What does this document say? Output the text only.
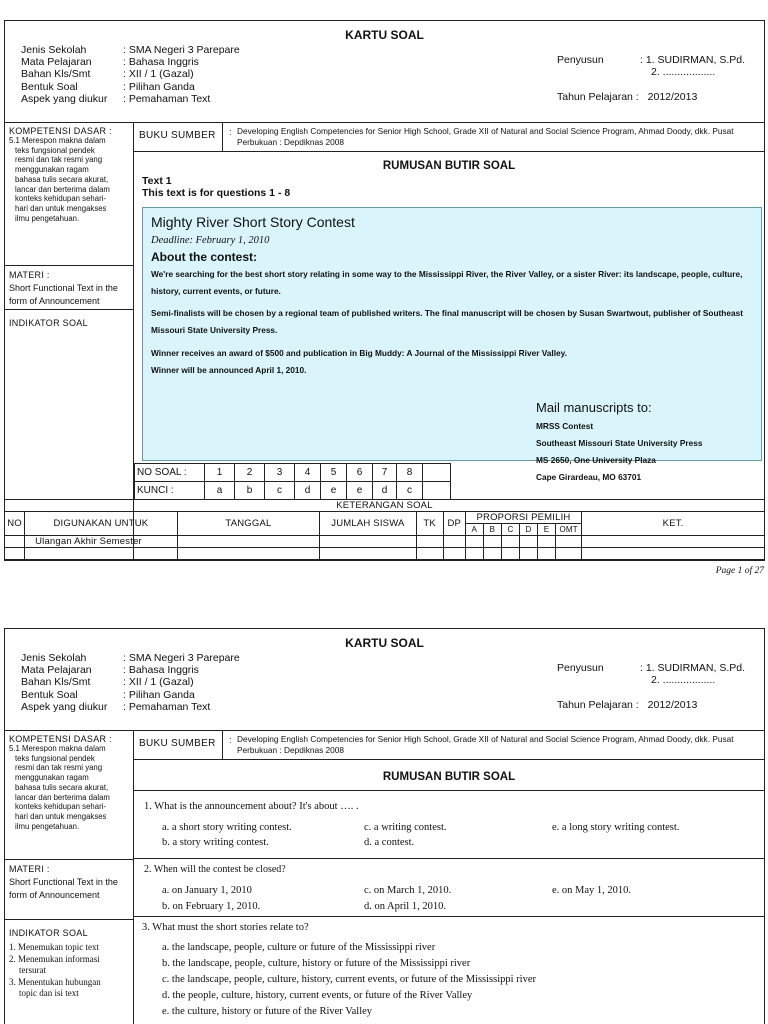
KARTU SOAL
Jenis Sekolah	: SMA Negeri 3 Parepare
Mata Pelajaran	: Bahasa Inggris
Bahan Kls/Smt	: XII / 1 (Gazal)
Bentuk Soal	: Pilihan Ganda
Aspek yang diukur : Pemahaman Text
Penyusun	: 1. SUDIRMAN, S.Pd.
2. ..................
Tahun Pelajaran : 2012/2013
KOMPETENSI DASAR :
5.1 Merespon makna dalam
teks fungsional pendek
resmi dan tak resmi yang
menggunakan ragam
bahasa tulis secara akurat,
lancar dan berterima dalam
konteks kehidupan sehari-
hari dan untuk mengakses
ilmu pengetahuan.
MATERI :
Short Functional Text in the form of Announcement
INDIKATOR SOAL
BUKU SUMBER	: Developing English Competencies for Senior High School, Grade XII of Natural and Social Science Program, Ahmad Doody, dkk. Pusat Perbukuan : Depdiknas 2008
RUMUSAN BUTIR SOAL
Text 1
This text is for questions 1 - 8
Mighty River Short Story Contest
Deadline: February 1, 2010
About the contest:
We're searching for the best short story relating in some way to the Mississippi River, the River Valley, or a sister River: its landscape, people, culture, history, current events, or future.
Semi-finalists will be chosen by a regional team of published writers. The final manuscript will be chosen by Susan Swartwout, publisher of Southeast Missouri State University Press.
Winner receives an award of $500 and publication in Big Muddy: A Journal of the Mississippi River Valley.
Winner will be announced April 1, 2010.
Mail manuscripts to:
MRSS Contest
Southeast Missouri State University Press
MS 2650, One University Plaza
Cape Girardeau, MO 63701
NO SOAL :	1	2	3	4	5	6	7	8	
KUNCI :	a	b	c	d	e	e	d	c	
KETERANGAN SOAL												
NO	DIGUNAKAN UNTUK	TANGGAL	JUMLAH SISWA	TK	DP	PROPORSI PEMILIH						KET.
						A	B	C	D	E	OMT	
	Ulangan Akhir Semester											

Page 1 of 27
KARTU SOAL
Jenis Sekolah	: SMA Negeri 3 Parepare
Mata Pelajaran	: Bahasa Inggris
Bahan Kls/Smt	: XII / 1 (Gazal)
Bentuk Soal	: Pilihan Ganda
Aspek yang diukur : Pemahaman Text
Penyusun	: 1. SUDIRMAN, S.Pd.
2. ..................
Tahun Pelajaran : 2012/2013
KOMPETENSI DASAR :
5.1 Merespon makna dalam
teks fungsional pendek
resmi dan tak resmi yang
menggunakan ragam
bahasa tulis secara akurat,
lancar dan berterima dalam
konteks kehidupan sehari-
hari dan untuk mengakses
ilmu pengetahuan.
MATERI :
Short Functional Text in the form of Announcement
INDIKATOR SOAL
1. Menemukan topic text
2. Menemukan informasi
tersurat
3. Menentukan hubungan
topic dan isi text
BUKU SUMBER	: Developing English Competencies for Senior High School, Grade XII of Natural and Social Science Program, Ahmad Doody, dkk. Pusat Perbukuan : Depdiknas 2008
RUMUSAN BUTIR SOAL
1. What is the announcement about? It's about …. .
a. a short story writing contest.
b. a story writing contest.
c. a writing contest.
d. a contest.
e. a long story writing contest.
2. When will the contest be closed?
a. on January 1, 2010
b. on February 1, 2010.
c. on March 1, 2010.
d. on April 1, 2010.
e. on May 1, 2010.
3. What must the short stories relate to?
a. the landscape, people, culture or future of the Mississippi river
b. the landscape, people, culture, history or future of the Mississippi river
c. the landscape, people, culture, history, current events, or future of the Mississippi river
d. the people, culture, history, current events, or future of the River Valley
e. the culture, history or future of the River Valley
